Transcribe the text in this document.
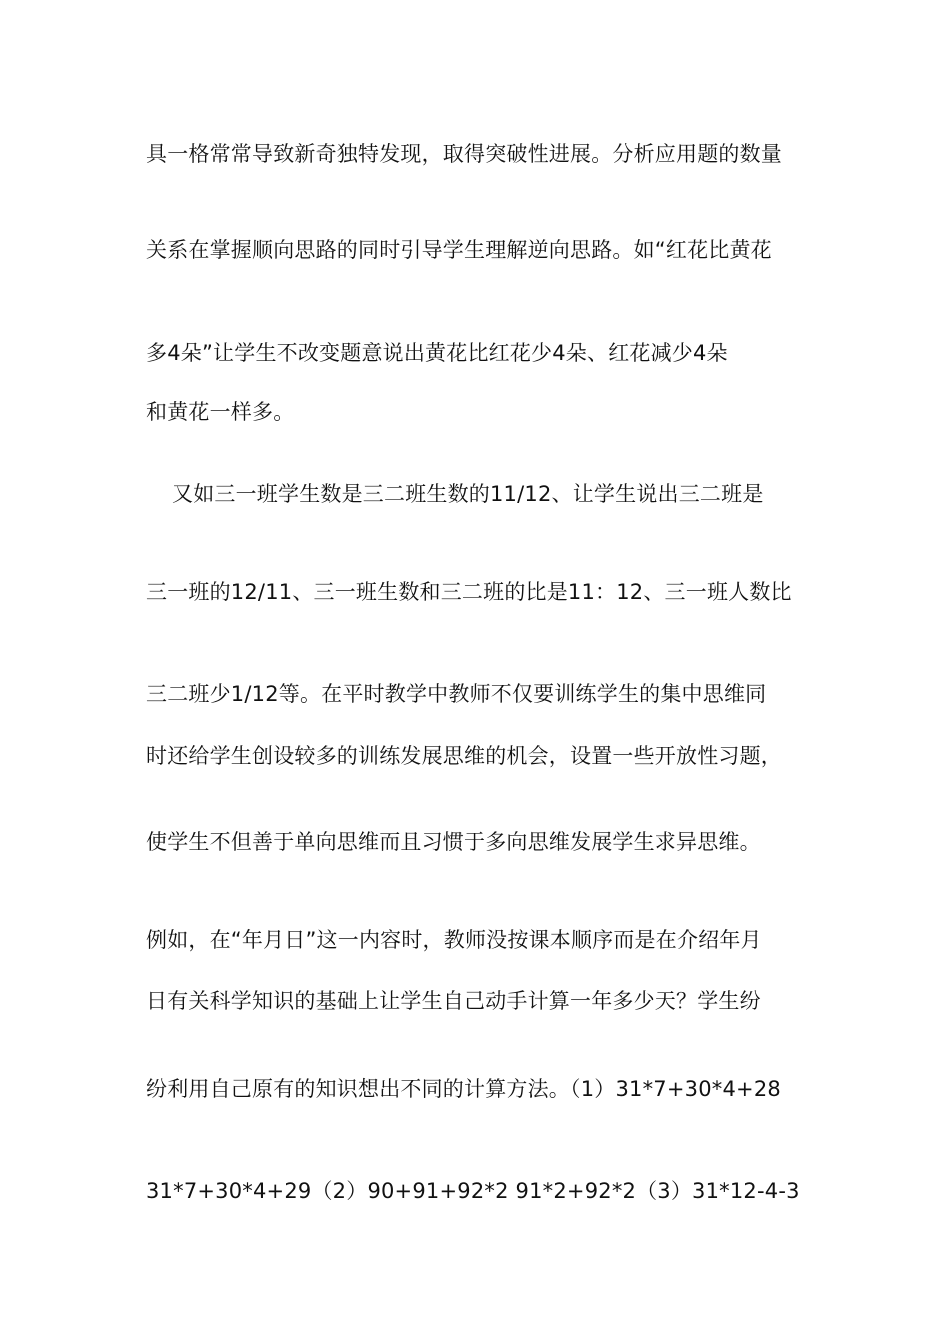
具一格常常导致新奇独特发现，取得突破性进展。分析应用题的数量
关系在掌握顺向思路的同时引导学生理解逆向思路。如“红花比黄花
多4朵”让学生不改变题意说出黄花比红花少4朵、红花减少4朵
和黄花一样多。
又如三一班学生数是三二班生数的11/12、让学生说出三二班是
三一班的12/11、三一班生数和三二班的比是11：12、三一班人数比
三二班少1/12等。在平时教学中教师不仅要训练学生的集中思维同
时还给学生创设较多的训练发展思维的机会，设置一些开放性习题，
使学生不但善于单向思维而且习惯于多向思维发展学生求异思维。
例如，在“年月日”这一内容时，教师没按课本顺序而是在介绍年月
日有关科学知识的基础上让学生自己动手计算一年多少天？学生纷
纷利用自己原有的知识想出不同的计算方法。（1）31*7+30*4+28
31*7+30*4+29（2）90+91+92*2 91*2+92*2（3）31*12-4-3
